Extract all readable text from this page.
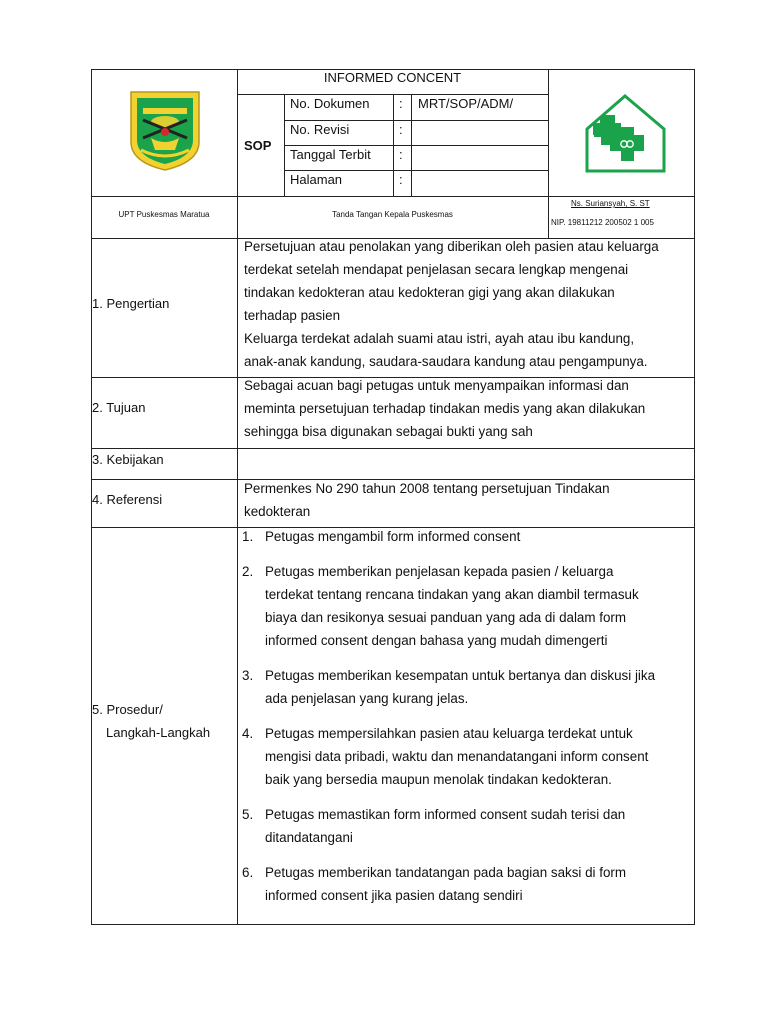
INFORMED CONCENT
SOP
No. Dokumen : MRT/SOP/ADM/
No. Revisi	:
Tanggal Terbit :
Halaman	:
UPT Puskesmas Maratua	Tanda Tangan Kepala Puskesmas
Ns. Suriansyah, S. ST
NIP. 19811212 200502 1 005
1. Pengertian
Persetujuan atau penolakan yang diberikan oleh pasien atau keluarga
terdekat setelah mendapat penjelasan secara lengkap mengenai
tindakan kedokteran atau kedokteran gigi yang akan dilakukan
terhadap pasien
Keluarga terdekat adalah suami atau istri, ayah atau ibu kandung,
anak-anak kandung, saudara-saudara kandung atau pengampunya.
2. Tujuan
Sebagai acuan bagi petugas untuk menyampaikan informasi dan
meminta persetujuan terhadap tindakan medis yang akan dilakukan
sehingga bisa digunakan sebagai bukti yang sah
3. Kebijakan
4. Referensi
Permenkes No 290 tahun 2008 tentang persetujuan Tindakan
kedokteran
5. Prosedur/
Langkah-Langkah
1. Petugas mengambil form informed consent
2. Petugas memberikan penjelasan kepada pasien / keluarga
terdekat tentang rencana tindakan yang akan diambil termasuk
biaya dan resikonya sesuai panduan yang ada di dalam form
informed consent dengan bahasa yang mudah dimengerti
3. Petugas memberikan kesempatan untuk bertanya dan diskusi jika
ada penjelasan yang kurang jelas.
4. Petugas mempersilahkan pasien atau keluarga terdekat untuk
mengisi data pribadi, waktu dan menandatangani inform consent
baik yang bersedia maupun menolak tindakan kedokteran.
5. Petugas memastikan form informed consent sudah terisi dan
ditandatangani
6. Petugas memberikan tandatangan pada bagian saksi di form
informed consent jika pasien datang sendiri
